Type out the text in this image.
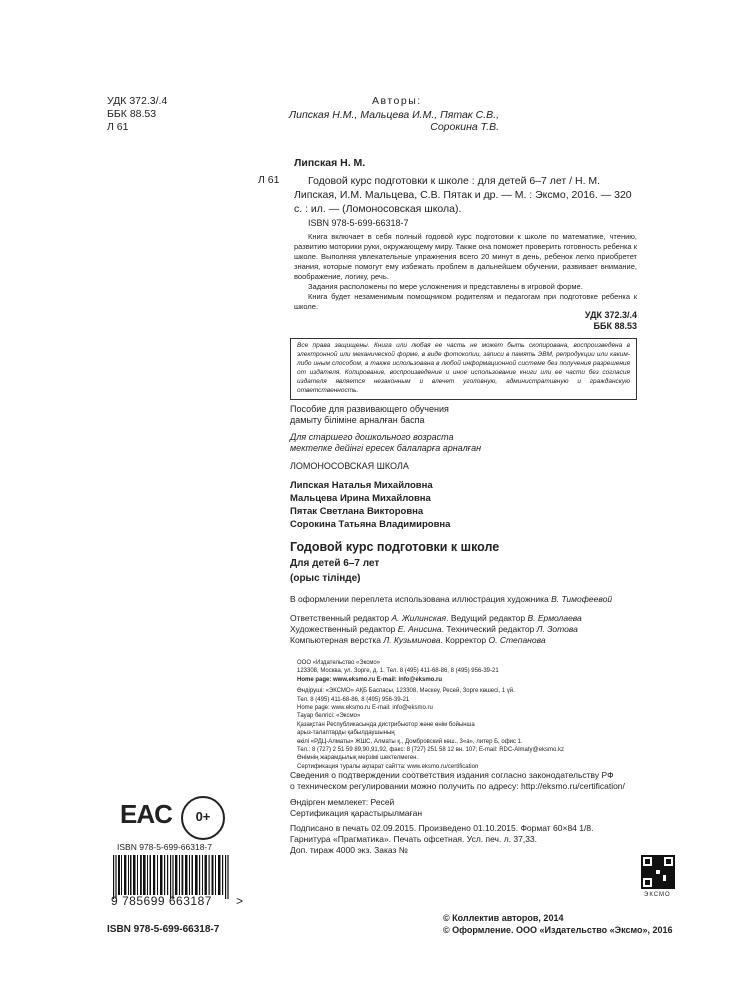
УДК 372.3/.4
ББК 88.53
Л 61
Авторы:
Липская Н.М., Мальцева И.М., Пятак С.В., Сорокина Т.В.
Липская Н. М.
Л 61	Годовой курс подготовки к школе : для детей 6–7 лет / Н. М. Липская, И.М. Мальцева, С.В. Пятак и др. — М. : Эксмо, 2016. — 320 с. : ил. — (Ломоносовская школа).
ISBN 978-5-699-66318-7
Книга включает в себя полный годовой курс подготовки к школе по математике, чтению, развитию моторики руки, окружающему миру. Также она поможет проверить готовность ребенка к школе. Выполняя увлекательные упражнения всего 20 минут в день, ребенок легко приобретет знания, которые помогут ему избежать проблем в дальнейшем обучении, развивает внимание, воображение, логику, речь.
Задания расположены по мере усложнения и представлены в игровой форме.
Книга будет незаменимым помощником родителям и педагогам при подготовке ребенка к школе.
УДК 372.3/.4
ББК 88.53
Все права защищены. Книга или любая ее часть не может быть скопирована, воспроизведена в электронной или механической форме, в виде фотокопии, записи в память ЭВМ, репродукции или каким-либо иным способом, а также использована в любой информационной системе без получения разрешения от издателя. Копирование, воспроизведение и иное использование книги или ее части без согласия издателя является незаконным и влечет уголовную, административную и гражданскую ответственность.
Пособие для развивающего обучения
дамыту біліміне арналған баспа
Для старшего дошкольного возраста
мектепке дейінгі ересек балаларға арналған
ЛОМОНОСОВСКАЯ ШКОЛА
Липская Наталья Михайловна
Мальцева Ирина Михайловна
Пятак Светлана Викторовна
Сорокина Татьяна Владимировна
Годовой курс подготовки к школе
Для детей 6–7 лет
(орыс тілінде)
В оформлении переплета использована иллюстрация художника В. Тимофеевой
Ответственный редактор А. Жилинская. Ведущий редактор В. Ермолаева
Художественный редактор Е. Анисина. Технический редактор Л. Зотова
Компьютерная верстка Л. Кузьминова. Корректор О. Степанова
ООО «Издательство «Эксмо»
123308, Москва, ул. Зорге, д. 1. Тел. 8 (495) 411-68-86, 8 (495) 956-39-21
Home page: www.eksmo.ru E-mail: info@eksmo.ru
Өндіруші: «ЭКСМО» АҚБ Баспасы, 123308, Мәскеу, Ресей, Зорге көшесі, 1 үй.
Тел. 8 (495) 411-68-86, 8 (495) 956-39-21
Home page: www.eksmo.ru E-mail: info@eksmo.ru
Тауар белгісі: «Эксмо»
Қазақстан Республикасында дистрибьютор және өнім бойынша
арыз-талаптарды қабылдаушының
өкілі «РДЦ-Алматы» ЖШС, Алматы қ., Домбровский көш., 3«а», литер Б, офис 1.
Тел.: 8 (727) 2 51 59 89,90,91,92, факс: 8 (727) 251 58 12 вн. 107; E-mail: RDC-Almaty@eksmo.kz
Өнімнің жарамдылық мерзімі шектелмеген.
Сертификация туралы ақпарат сайтта: www.eksmo.ru/certification
Сведения о подтверждении соответствия издания согласно законодательству РФ
о техническом регулировании можно получить по адресу: http://eksmo.ru/certification/
Өндірген мемлекет: Ресей
Сертификация қарастырылмаған
Подписано в печать 02.09.2015. Произведено 01.10.2015. Формат 60×84 1/8.
Гарнитура «Прагматика». Печать офсетная. Усл. печ. л. 37,33.
Доп. тираж 4000 экз. Заказ №
EAC	0+
ISBN 978-5-699-66318-7
9 785699 663187 >
ISBN 978-5-699-66318-7
© Коллектив авторов, 2014
© Оформление. ООО «Издательство «Эксмо», 2016
ЭКСМО
